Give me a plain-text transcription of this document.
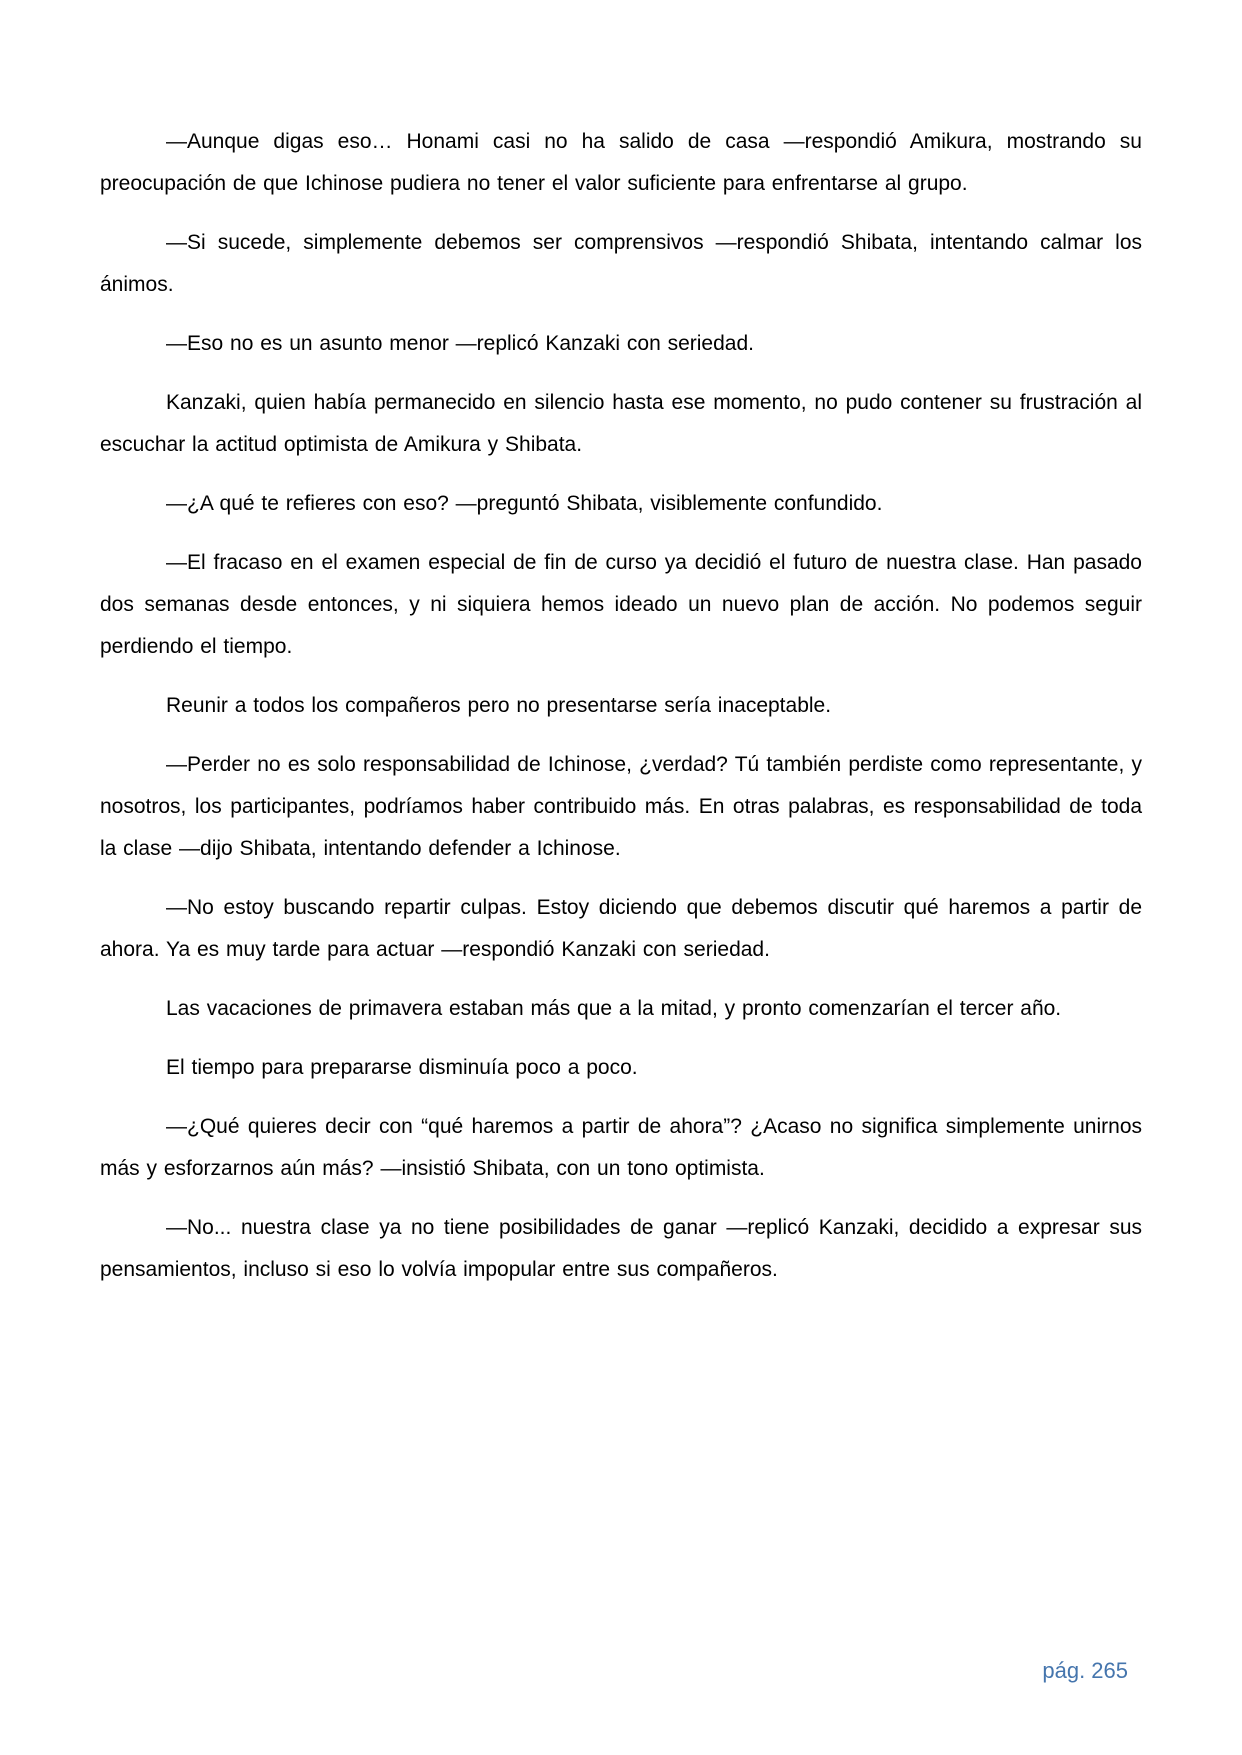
—Aunque digas eso… Honami casi no ha salido de casa —respondió Amikura, mostrando su preocupación de que Ichinose pudiera no tener el valor suficiente para enfrentarse al grupo.

—Si sucede, simplemente debemos ser comprensivos —respondió Shibata, intentando calmar los ánimos.

—Eso no es un asunto menor —replicó Kanzaki con seriedad.

Kanzaki, quien había permanecido en silencio hasta ese momento, no pudo contener su frustración al escuchar la actitud optimista de Amikura y Shibata.

—¿A qué te refieres con eso? —preguntó Shibata, visiblemente confundido.

—El fracaso en el examen especial de fin de curso ya decidió el futuro de nuestra clase. Han pasado dos semanas desde entonces, y ni siquiera hemos ideado un nuevo plan de acción. No podemos seguir perdiendo el tiempo.

Reunir a todos los compañeros pero no presentarse sería inaceptable.

—Perder no es solo responsabilidad de Ichinose, ¿verdad? Tú también perdiste como representante, y nosotros, los participantes, podríamos haber contribuido más. En otras palabras, es responsabilidad de toda la clase —dijo Shibata, intentando defender a Ichinose.

—No estoy buscando repartir culpas. Estoy diciendo que debemos discutir qué haremos a partir de ahora. Ya es muy tarde para actuar —respondió Kanzaki con seriedad.

Las vacaciones de primavera estaban más que a la mitad, y pronto comenzarían el tercer año.

El tiempo para prepararse disminuía poco a poco.

—¿Qué quieres decir con “qué haremos a partir de ahora”? ¿Acaso no significa simplemente unirnos más y esforzarnos aún más? —insistió Shibata, con un tono optimista.

—No... nuestra clase ya no tiene posibilidades de ganar —replicó Kanzaki, decidido a expresar sus pensamientos, incluso si eso lo volvía impopular entre sus compañeros.

pág. 265
